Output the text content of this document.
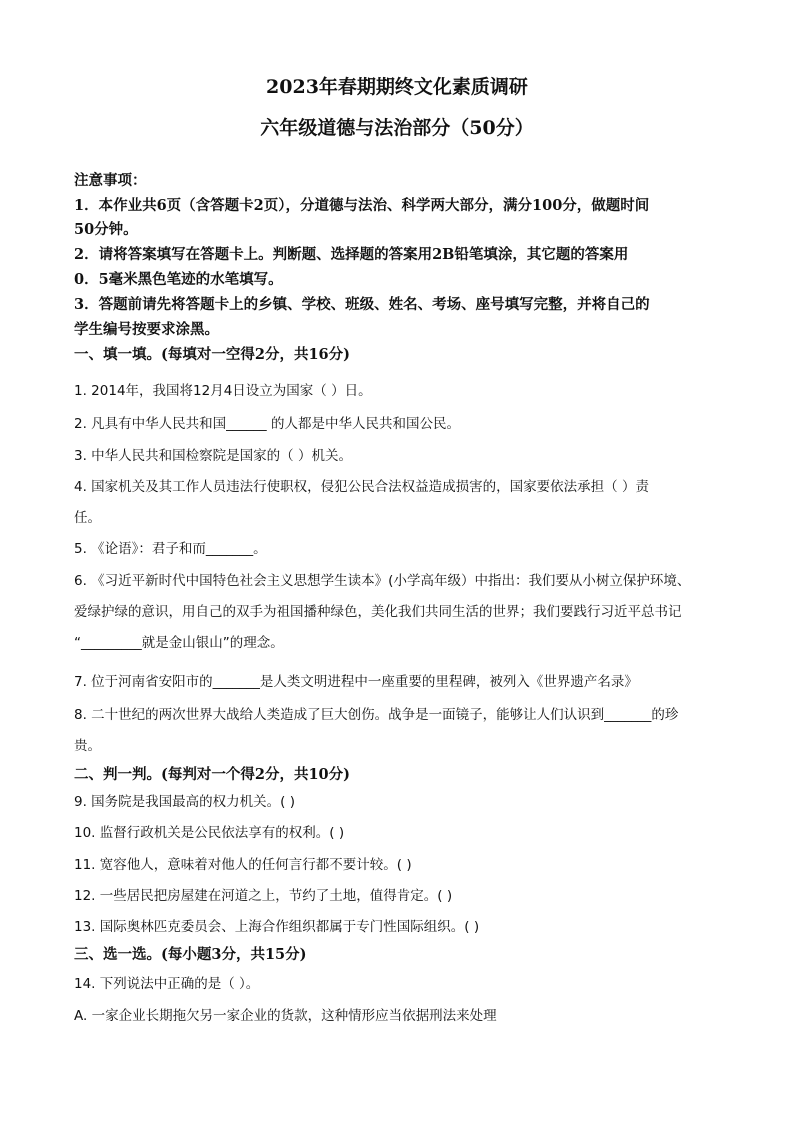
2023年春期期终文化素质调研
六年级道德与法治部分（50分）
注意事项：
1．本作业共6页（含答题卡2页），分道德与法治、科学两大部分，满分100分，做题时间
50分钟。
2．请将答案填写在答题卡上。判断题、选择题的答案用2B铅笔填涂，其它题的答案用
0．5毫米黑色笔迹的水笔填写。
3．答题前请先将答题卡上的乡镇、学校、班级、姓名、考场、座号填写完整，并将自己的
学生编号按要求涂黑。
一、填一填。(每填对一空得2分，共16分)
1. 2014年，我国将12月4日设立为国家（ ）日。
2. 凡具有中华人民共和国______ 的人都是中华人民共和国公民。
3. 中华人民共和国检察院是国家的（ ）机关。
4. 国家机关及其工作人员违法行使职权，侵犯公民合法权益造成损害的，国家要依法承担（ ）责
任。
5. 《论语》：君子和而_______。
6. 《习近平新时代中国特色社会主义思想学生读本》(小学高年级）中指出：我们要从小树立保护环境、
爱绿护绿的意识，用自己的双手为祖国播种绿色，美化我们共同生活的世界；我们要践行习近平总书记
“_________就是金山银山”的理念。
7. 位于河南省安阳市的_______是人类文明进程中一座重要的里程碑，被列入《世界遗产名录》
8. 二十世纪的两次世界大战给人类造成了巨大创伤。战争是一面镜子，能够让人们认识到_______的珍
贵。
二、判一判。(每判对一个得2分，共10分)
9. 国务院是我国最高的权力机关。( )
10. 监督行政机关是公民依法享有的权利。( )
11. 宽容他人，意味着对他人的任何言行都不要计较。( )
12. 一些居民把房屋建在河道之上，节约了土地，值得肯定。( )
13. 国际奥林匹克委员会、上海合作组织都属于专门性国际组织。( )
三、选一选。(每小题3分，共15分)
14. 下列说法中正确的是（ ）。
A. 一家企业长期拖欠另一家企业的货款，这种情形应当依据刑法来处理
